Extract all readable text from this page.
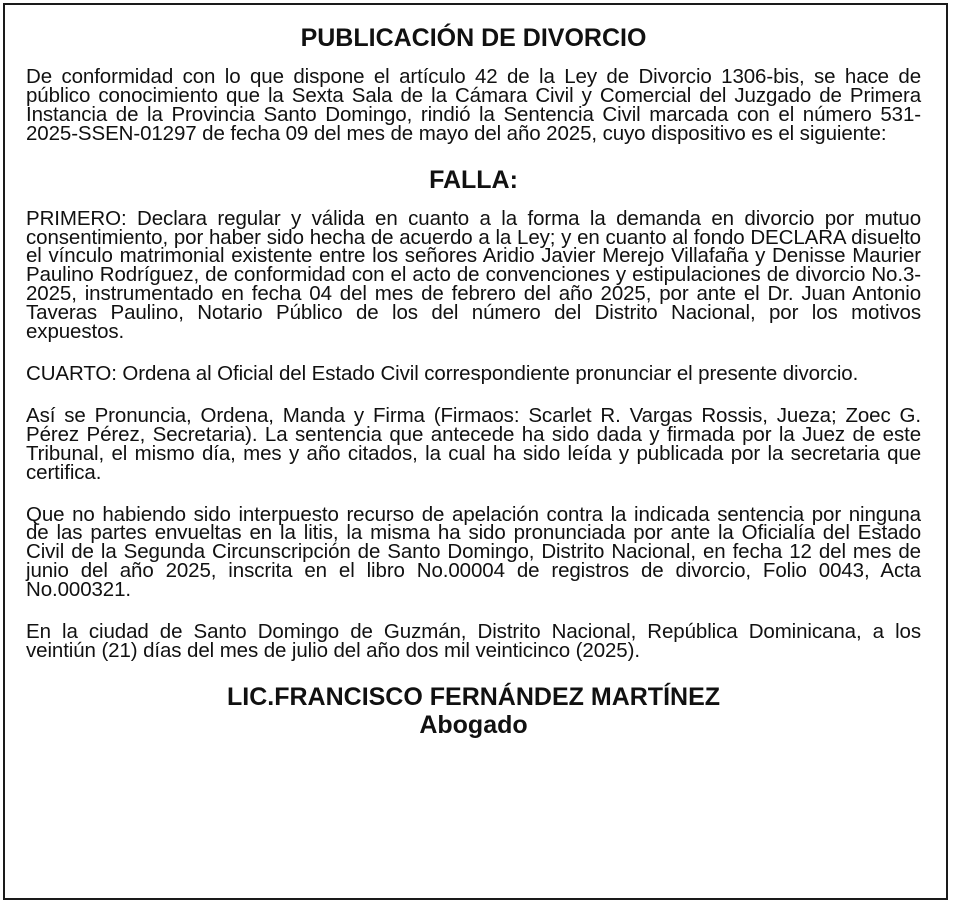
PUBLICACIÓN DE DIVORCIO

De conformidad con lo que dispone el artículo 42 de la Ley de Divorcio 1306-bis, se hace de público conocimiento que la Sexta Sala de la Cámara Civil y Comercial del Juzgado de Primera Instancia de la Provincia Santo Domingo, rindió la Sentencia Civil marcada con el número 531-2025-SSEN-01297 de fecha 09 del mes de mayo del año 2025, cuyo dispositivo es el siguiente:

FALLA:

PRIMERO: Declara regular y válida en cuanto a la forma la demanda en divorcio por mutuo consentimiento, por haber sido hecha de acuerdo a la Ley; y en cuanto al fondo DECLARA disuelto el vínculo matrimonial existente entre los señores Aridio Javier Merejo Villafaña y Denisse Maurier Paulino Rodríguez, de conformidad con el acto de convenciones y estipulaciones de divorcio No.3-2025, instrumentado en fecha 04 del mes de febrero del año 2025, por ante el Dr. Juan Antonio Taveras Paulino, Notario Público de los del número del Distrito Nacional, por los motivos expuestos.

CUARTO: Ordena al Oficial del Estado Civil correspondiente pronunciar el presente divorcio.

Así se Pronuncia, Ordena, Manda y Firma (Firmaos: Scarlet R. Vargas Rossis, Jueza; Zoec G. Pérez Pérez, Secretaria). La sentencia que antecede ha sido dada y firmada por la Juez de este Tribunal, el mismo día, mes y año citados, la cual ha sido leída y publicada por la secretaria que certifica.

Que no habiendo sido interpuesto recurso de apelación contra la indicada sentencia por ninguna de las partes envueltas en la litis, la misma ha sido pronunciada por ante la Oficialía del Estado Civil de la Segunda Circunscripción de Santo Domingo, Distrito Nacional, en fecha 12 del mes de junio del año 2025, inscrita en el libro No.00004 de registros de divorcio, Folio 0043, Acta No.000321.

En la ciudad de Santo Domingo de Guzmán, Distrito Nacional, República Dominicana, a los veintiún (21) días del mes de julio del año dos mil veinticinco (2025).

LIC.FRANCISCO FERNÁNDEZ MARTÍNEZ
Abogado
